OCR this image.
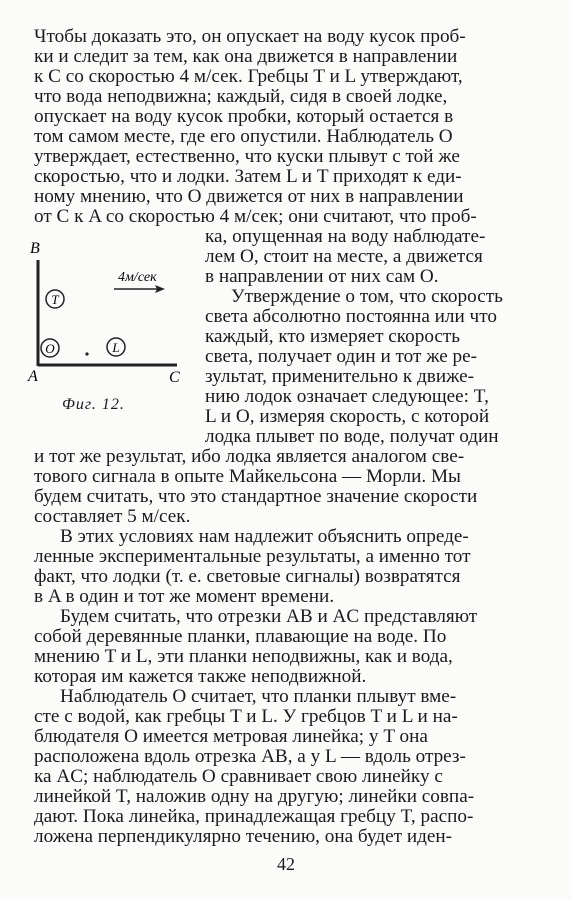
Чтобы доказать это, он опускает на воду кусок проб-
ки и следит за тем, как она движется в направлении
к C со скоростью 4 м/сек. Гребцы T и L утверждают,
что вода неподвижна; каждый, сидя в своей лодке,
опускает на воду кусок пробки, который остается в
том самом месте, где его опустили. Наблюдатель O
утверждает, естественно, что куски плывут с той же
скоростью, что и лодки. Затем L и T приходят к еди-
ному мнению, что O движется от них в направлении
от C к A со скоростью 4 м/сек; они считают, что проб-
ка, опущенная на воду наблюдате-
лем O, стоит на месте, а движется
в направлении от них сам O.
Утверждение о том, что скорость
света абсолютно постоянна или что
каждый, кто измеряет скорость
света, получает один и тот же ре-
зультат, применительно к движе-
нию лодок означает следующее: T,
L и O, измеряя скорость, с которой
лодка плывет по воде, получат один
и тот же результат, ибо лодка является аналогом све-
тового сигнала в опыте Майкельсона — Морли. Мы
будем считать, что это стандартное значение скорости
составляет 5 м/сек.
В этих условиях нам надлежит объяснить опреде-
ленные экспериментальные результаты, а именно тот
факт, что лодки (т. е. световые сигналы) возвратятся
в A в один и тот же момент времени.
Будем считать, что отрезки AB и AC представляют
собой деревянные планки, плавающие на воде. По
мнению T и L, эти планки неподвижны, как и вода,
которая им кажется также неподвижной.
Наблюдатель O считает, что планки плывут вме-
сте с водой, как гребцы T и L. У гребцов T и L и на-
блюдателя O имеется метровая линейка; у T она
расположена вдоль отрезка AB, а у L — вдоль отрез-
ка AC; наблюдатель O сравнивает свою линейку с
линейкой T, наложив одну на другую; линейки совпа-
дают. Пока линейка, принадлежащая гребцу T, распо-
ложена перпендикулярно течению, она будет иден-
B
A	C
4м/сек
T
O	L
Фиг. 12.
42
